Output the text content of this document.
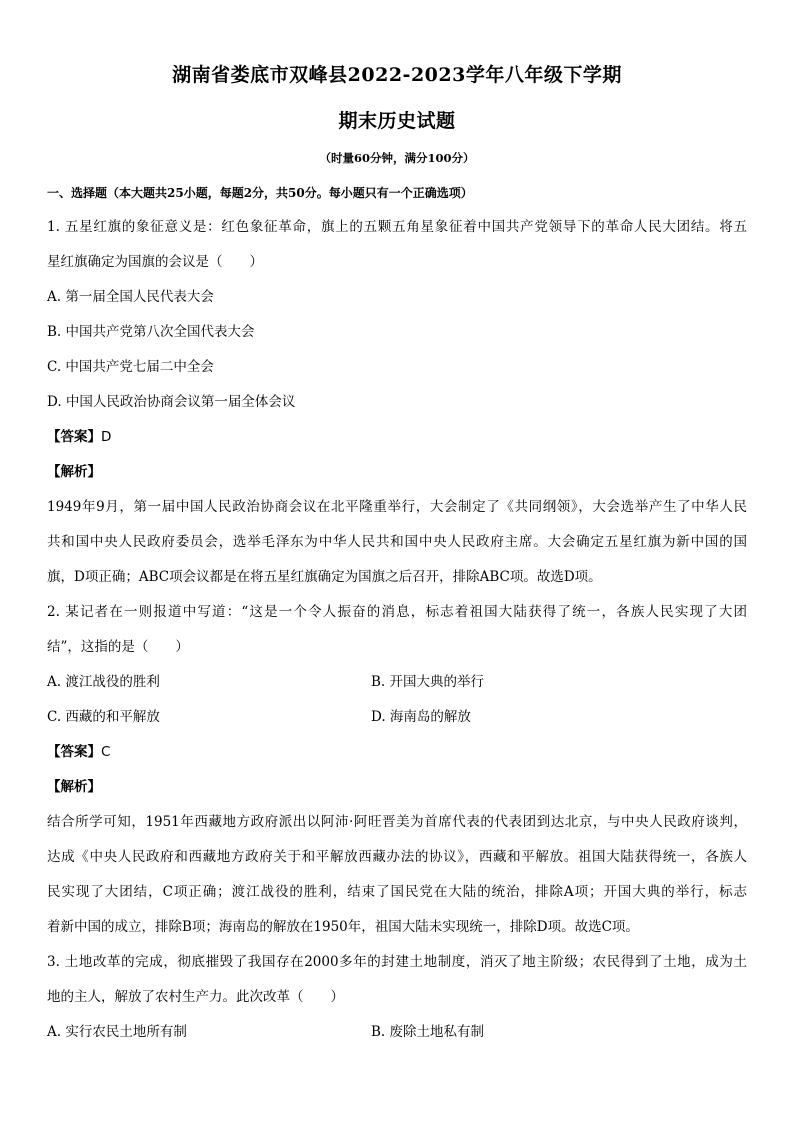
湖南省娄底市双峰县2022-2023学年八年级下学期
期末历史试题
（时量60分钟，满分100分）
一、选择题（本大题共25小题，每题2分，共50分。每小题只有一个正确选项）
1. 五星红旗的象征意义是：红色象征革命，旗上的五颗五角星象征着中国共产党领导下的革命人民大团结。将五
星红旗确定为国旗的会议是（　　）
A. 第一届全国人民代表大会
B. 中国共产党第八次全国代表大会
C. 中国共产党七届二中全会
D. 中国人民政治协商会议第一届全体会议
【答案】D
【解析】
1949年9月，第一届中国人民政治协商会议在北平隆重举行，大会制定了《共同纲领》，大会选举产生了中华人民
共和国中央人民政府委员会，选举毛泽东为中华人民共和国中央人民政府主席。大会确定五星红旗为新中国的国
旗，D项正确；ABC项会议都是在将五星红旗确定为国旗之后召开，排除ABC项。故选D项。
2. 某记者在一则报道中写道：“这是一个令人振奋的消息，标志着祖国大陆获得了统一，各族人民实现了大团
结”，这指的是（　　）
A. 渡江战役的胜利	B. 开国大典的举行
C. 西藏的和平解放	D. 海南岛的解放
【答案】C
【解析】
结合所学可知，1951年西藏地方政府派出以阿沛·阿旺晋美为首席代表的代表团到达北京，与中央人民政府谈判，
达成《中央人民政府和西藏地方政府关于和平解放西藏办法的协议》，西藏和平解放。祖国大陆获得统一，各族人
民实现了大团结，C项正确；渡江战役的胜利，结束了国民党在大陆的统治，排除A项；开国大典的举行，标志
着新中国的成立，排除B项；海南岛的解放在1950年，祖国大陆未实现统一，排除D项。故选C项。
3. 土地改革的完成，彻底摧毁了我国存在2000多年的封建土地制度，消灭了地主阶级；农民得到了土地，成为土
地的主人，解放了农村生产力。此次改革（　　）
A. 实行农民土地所有制	B. 废除土地私有制
